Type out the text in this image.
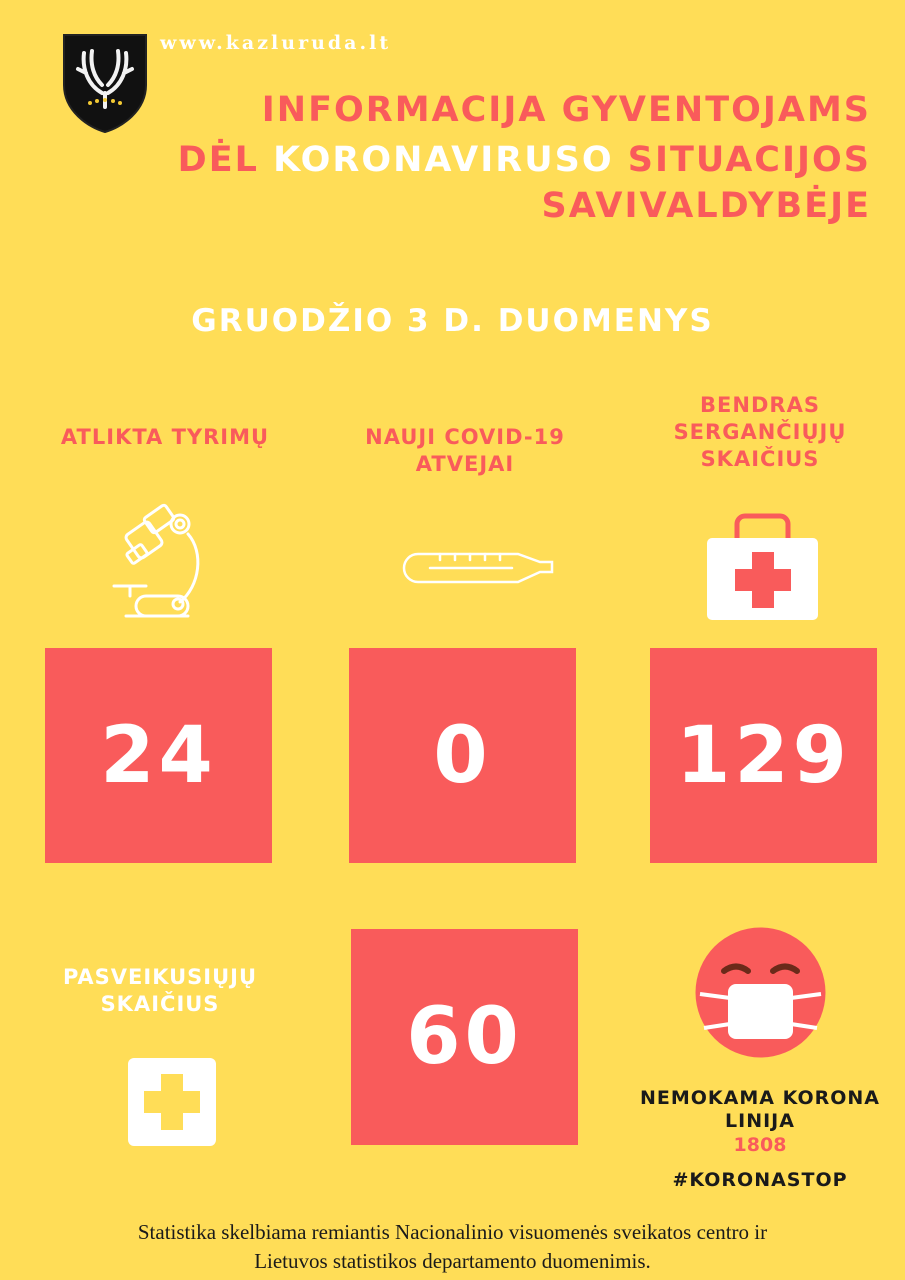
www.kazluruda.lt
INFORMACIJA GYVENTOJAMS
DĖL KORONAVIRUSO SITUACIJOS
SAVIVALDYBĖJE
GRUODŽIO 3 D. DUOMENYS
ATLIKTA TYRIMŲ	NAUJI COVID-19
ATVEJAI
BENDRAS
SERGANČIŲJŲ
SKAIČIUS
24	0 129
PASVEIKUSIŲJŲ
SKAIČIUS	60
NEMOKAMA KORONA
LINIJA
1808
#KORONASTOP
Statistika skelbiama remiantis Nacionalinio visuomenės sveikatos centro ir
Lietuvos statistikos departamento duomenimis.
